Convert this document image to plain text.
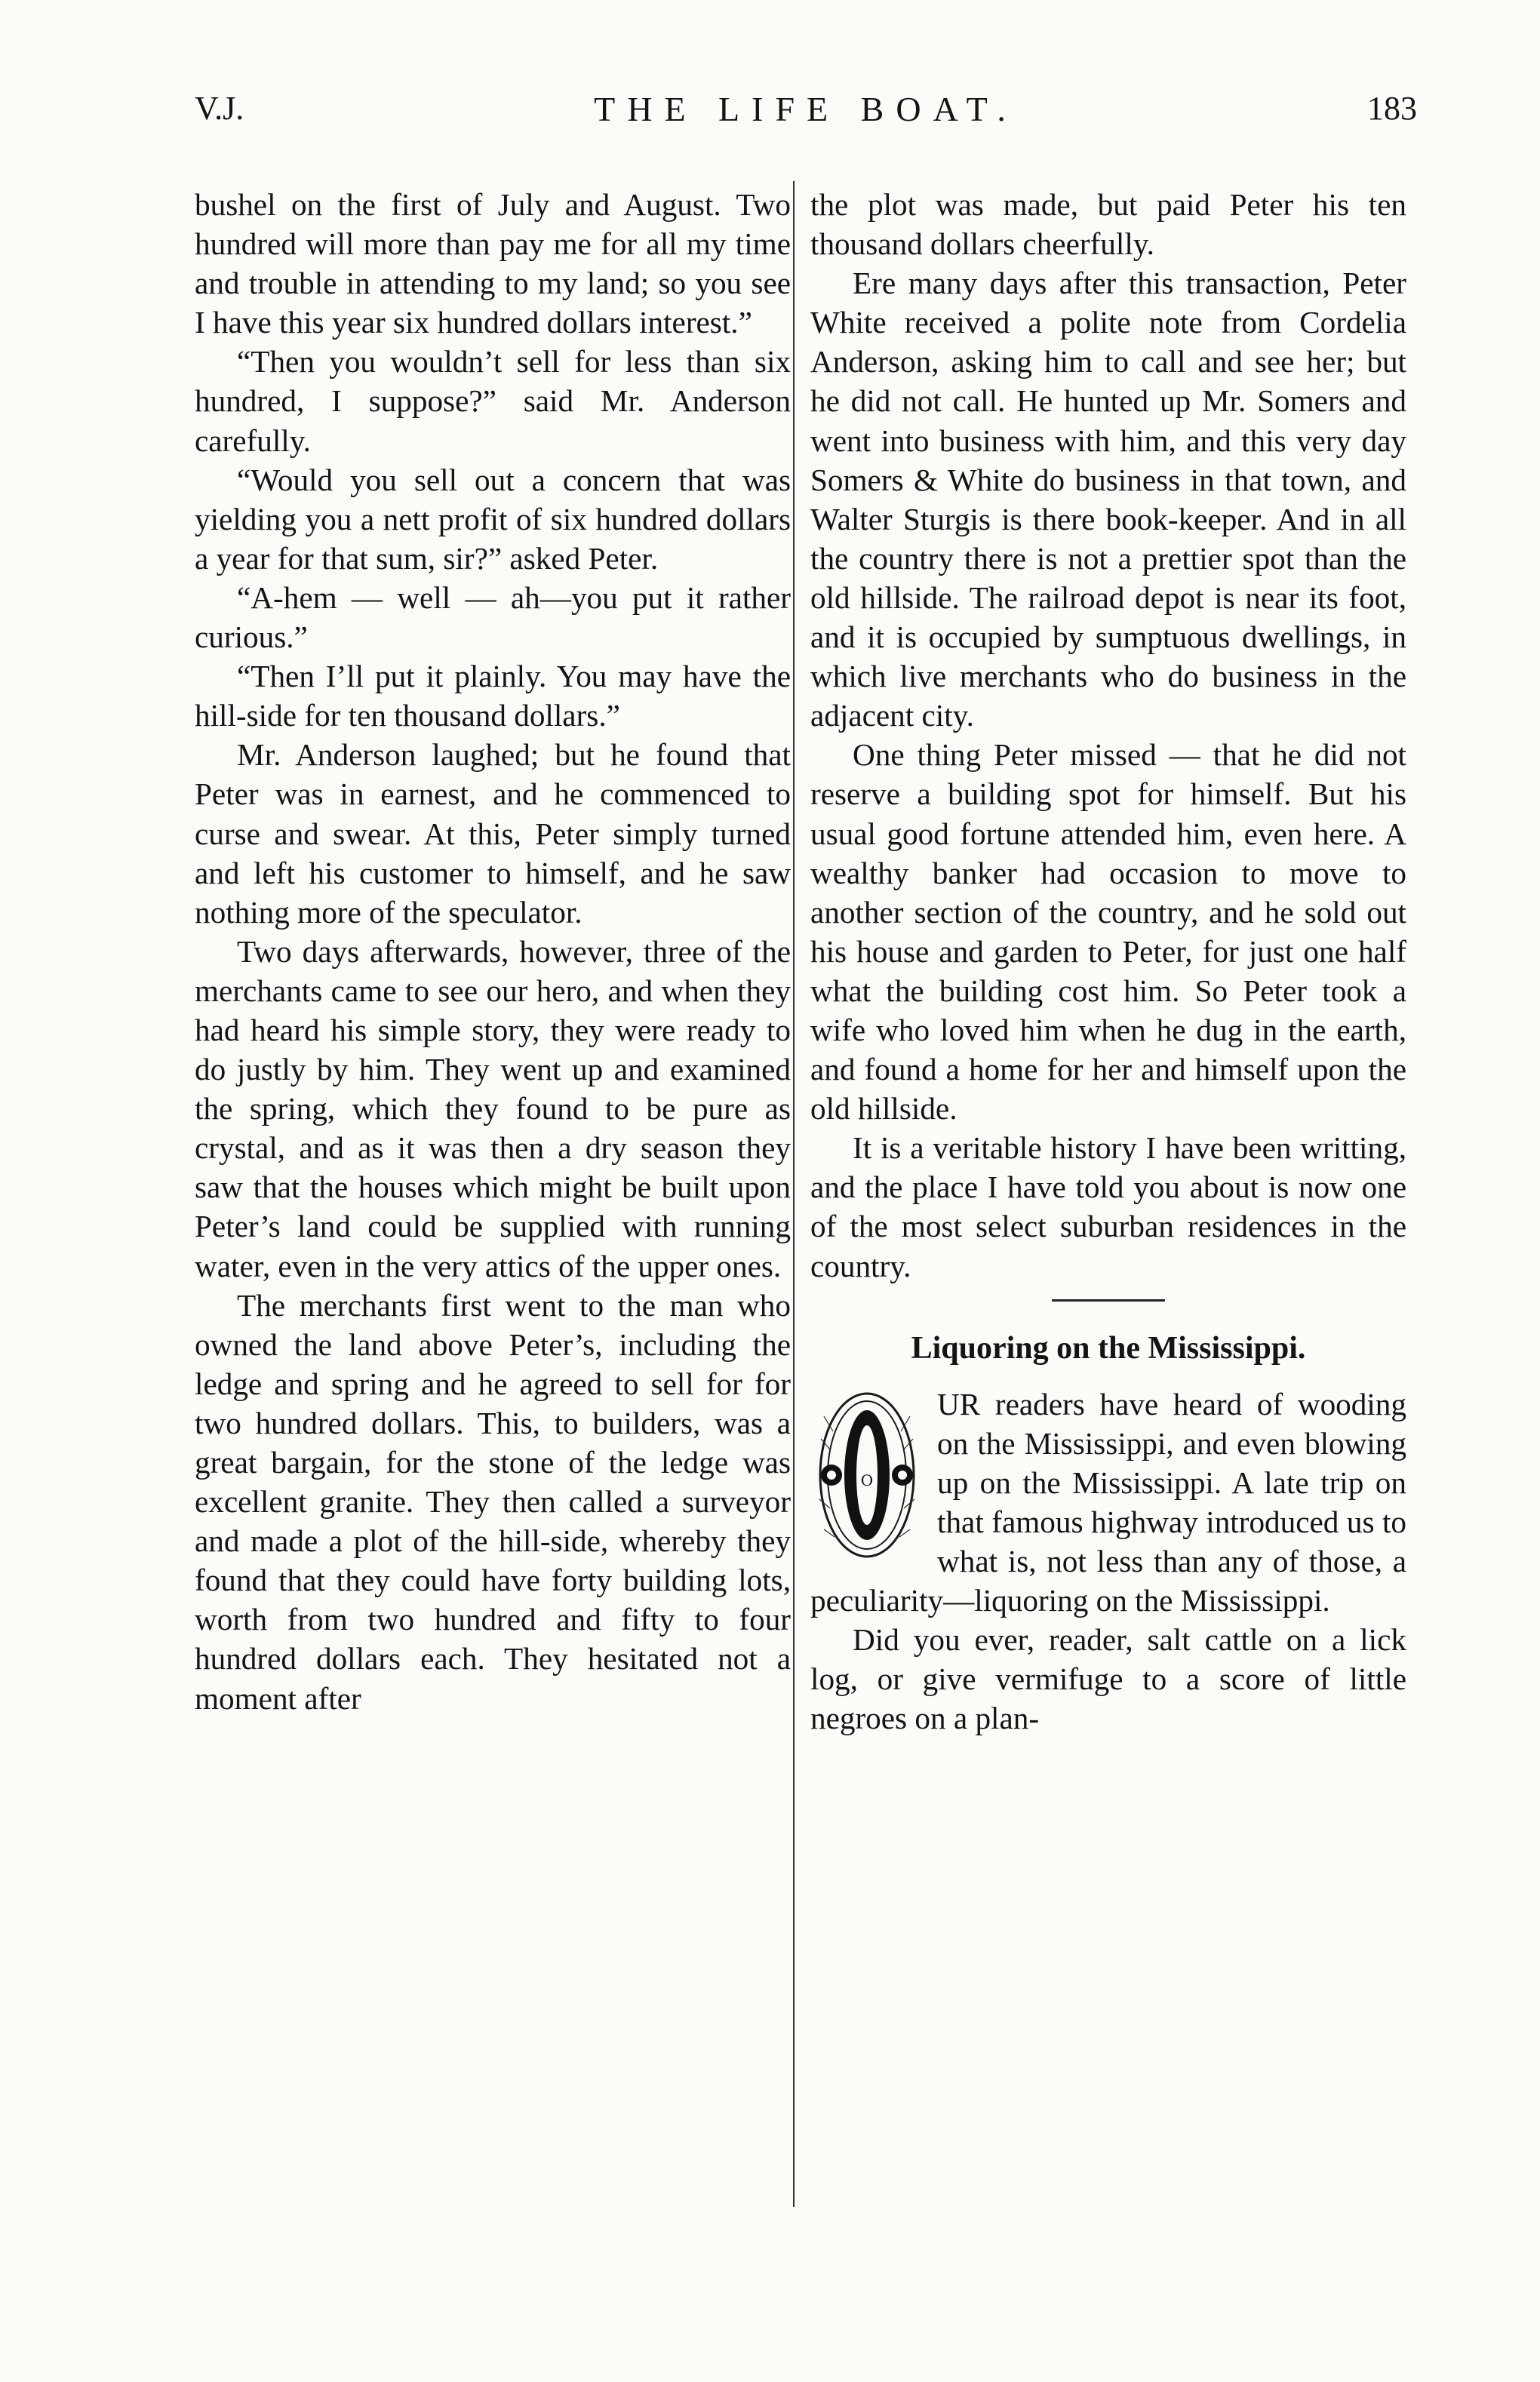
V.J.	THE LIFE BOAT.	183

bushel on the first of July and August. Two hundred will more than pay me for all my time and trouble in attending to my land; so you see I have this year six hundred dollars interest.”

“Then you wouldn’t sell for less than six hundred, I suppose?” said Mr. Anderson carefully.

“Would you sell out a concern that was yielding you a nett profit of six hundred dollars a year for that sum, sir?” asked Peter.

“A-hem — well — ah—you put it rather curious.”

“Then I’ll put it plainly. You may have the hill-side for ten thousand dollars.”

Mr. Anderson laughed; but he found that Peter was in earnest, and he commenced to curse and swear. At this, Peter simply turned and left his customer to himself, and he saw nothing more of the speculator.

Two days afterwards, however, three of the merchants came to see our hero, and when they had heard his simple story, they were ready to do justly by him. They went up and examined the spring, which they found to be pure as crystal, and as it was then a dry season they saw that the houses which might be built upon Peter’s land could be supplied with running water, even in the very attics of the upper ones.

The merchants first went to the man who owned the land above Peter’s, including the ledge and spring and he agreed to sell for for two hundred dollars. This, to builders, was a great bargain, for the stone of the ledge was excellent granite. They then called a surveyor and made a plot of the hill-side, whereby they found that they could have forty building lots, worth from two hundred and fifty to four hundred dollars each. They hesitated not a moment after

the plot was made, but paid Peter his ten thousand dollars cheerfully.

Ere many days after this transaction, Peter White received a polite note from Cordelia Anderson, asking him to call and see her; but he did not call. He hunted up Mr. Somers and went into business with him, and this very day Somers & White do business in that town, and Walter Sturgis is there book-keeper. And in all the country there is not a prettier spot than the old hillside. The railroad depot is near its foot, and it is occupied by sumptuous dwellings, in which live merchants who do business in the adjacent city.

One thing Peter missed — that he did not reserve a building spot for himself. But his usual good fortune attended him, even here. A wealthy banker had occasion to move to another section of the country, and he sold out his house and garden to Peter, for just one half what the building cost him. So Peter took a wife who loved him when he dug in the earth, and found a home for her and himself upon the old hillside.

It is a veritable history I have been writting, and the place I have told you about is now one of the most select suburban residences in the country.

Liquoring on the Mississippi.
O

UR readers have heard of wooding on the Mississippi, and even blowing up on the Mississippi. A late trip on that famous highway introduced us to what is, not less than any of those, a peculiarity—liquoring on the Mississippi.

Did you ever, reader, salt cattle on a lick log, or give vermifuge to a score of little negroes on a plan-
